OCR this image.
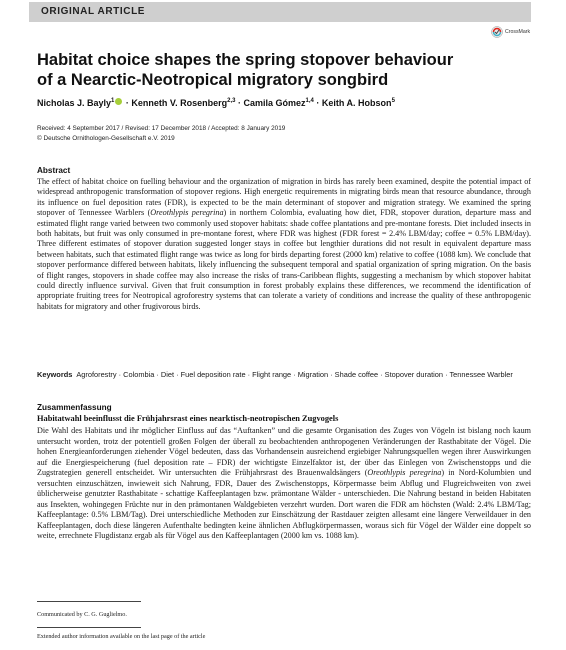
ORIGINAL ARTICLE
CrossMark
Habitat choice shapes the spring stopover behaviour
of a Nearctic-Neotropical migratory songbird
Nicholas J. Bayly$^1$ · Kenneth V. Rosenberg$^{2,3}$ · Camila Gómez$^{1,4}$ · Keith A. Hobson$^5$
Received: 4 September 2017 / Revised: 17 December 2018 / Accepted: 8 January 2019
© Deutsche Ornithologen-Gesellschaft e.V. 2019
Abstract
The effect of habitat choice on fuelling behaviour and the organization of migration in birds has rarely been examined, despite the potential impact of widespread anthropogenic transformation of stopover regions. High energetic requirements in migrating birds mean that resource abundance, through its influence on fuel deposition rates (FDR), is expected to be the main determinant of stopover and migration strategy. We examined the spring stopover of Tennessee Warblers (Oreothlypis peregrina) in northern Colombia, evaluating how diet, FDR, stopover duration, departure mass and estimated flight range varied between two commonly used stopover habitats: shade coffee plantations and pre-montane forests. Diet included insects in both habitats, but fruit was only consumed in pre-montane forest, where FDR was highest (FDR forest = 2.4% LBM/day; coffee = 0.5% LBM/day). Three different estimates of stopover duration suggested longer stays in coffee but lengthier durations did not result in equivalent departure mass between habitats, such that estimated flight range was twice as long for birds departing forest (2000 km) relative to coffee (1088 km). We conclude that stopover performance differed between habitats, likely influencing the subsequent temporal and spatial organization of spring migration. On the basis of flight ranges, stopovers in shade coffee may also increase the risks of trans-Caribbean flights, suggesting a mechanism by which stopover habitat could directly influence survival. Given that fruit consumption in forest probably explains these differences, we recommend the identification of appropriate fruiting trees for Neotropical agroforestry systems that can tolerate a variety of conditions and increase the quality of these anthropogenic habitats for migratory and other frugivorous birds.
Keywords Agroforestry · Colombia · Diet · Fuel deposition rate · Flight range · Migration · Shade coffee · Stopover duration · Tennessee Warbler
Zusammenfassung
Habitatwahl beeinflusst die Frühjahrsrast eines nearktisch-neotropischen Zugvogels
Die Wahl des Habitats und ihr möglicher Einfluss auf das “Auftanken” und die gesamte Organisation des Zuges von Vögeln ist bislang noch kaum untersucht worden, trotz der potentiell großen Folgen der überall zu beobachtenden anthropogenen Veränderungen der Rasthabitate der Vögel. Die hohen Energieanforderungen ziehender Vögel bedeuten, dass das Vorhandensein ausreichend ergiebiger Nahrungsquellen wegen ihrer Auswirkungen auf die Energiespeicherung (fuel deposition rate – FDR) der wichtigste Einzelfaktor ist, der über das Einlegen von Zwischenstopps und die Zugstrategien generell entscheidet. Wir untersuchten die Frühjahrsrast des Brauenwaldsängers (Oreothlypis peregrina) in Nord-Kolumbien und versuchten einzuschätzen, inwieweit sich Nahrung, FDR, Dauer des Zwischenstopps, Körpermasse beim Abflug und Flugreichweiten von zwei üblicherweise genutzter Rasthabitate - schattige Kaffeeplantagen bzw. prämontane Wälder - unterschieden. Die Nahrung bestand in beiden Habitaten aus Insekten, wohingegen Früchte nur in den prämontanen Waldgebieten verzehrt wurden. Dort waren die FDR am höchsten (Wald: 2.4% LBM/Tag; Kaffeeplantage: 0.5% LBM/Tag). Drei unterschiedliche Methoden zur Einschätzung der Rastdauer zeigten allesamt eine längere Verweildauer in den Kaffeeplantagen, doch diese längeren Aufenthalte bedingten keine ähnlichen Abflugkörpermassen, woraus sich für Vögel der Wälder eine doppelt so weite, errechnete Flugdistanz ergab als für Vögel aus den Kaffeeplantagen (2000 km vs. 1088 km).
Communicated by C. G. Guglielmo.
Extended author information available on the last page of the article
